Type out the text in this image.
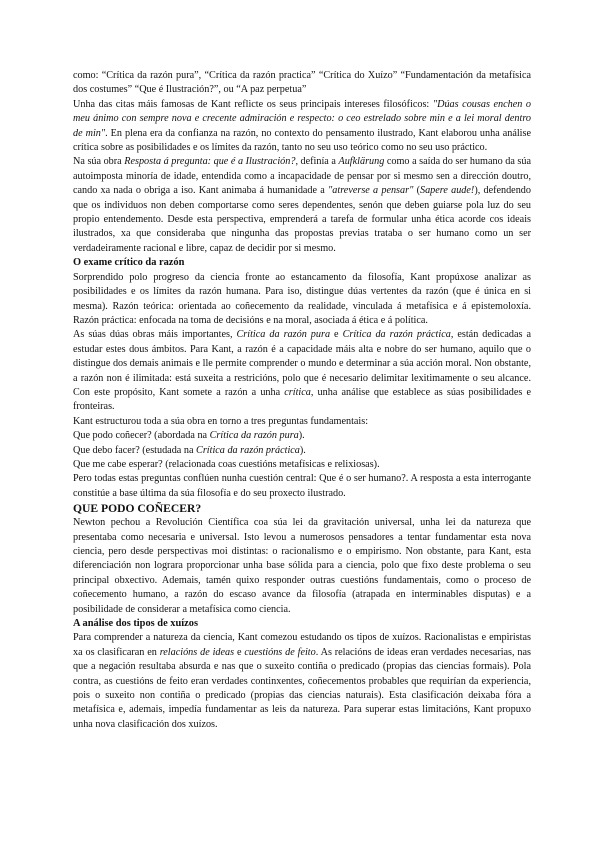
como: “Crítica da razón pura”, “Crítica da razón practica” “Crítica do Xuízo” “Fundamentación da metafísica dos costumes” “Que é Ilustración?”, ou “A paz perpetua”

Unha das citas máis famosas de Kant reflicte os seus principais intereses filosóficos: "Dúas cousas enchen o meu ánimo con sempre nova e crecente admiración e respecto: o ceo estrelado sobre min e a lei moral dentro de min". En plena era da confianza na razón, no contexto do pensamento ilustrado, Kant elaborou unha análise crítica sobre as posibilidades e os límites da razón, tanto no seu uso teórico como no seu uso práctico.

Na súa obra Resposta á pregunta: que é a Ilustración?, definía a Aufklärung como a saída do ser humano da súa autoimposta minoría de idade, entendida como a incapacidade de pensar por si mesmo sen a dirección doutro, cando xa nada o obriga a iso. Kant animaba á humanidade a "atreverse a pensar" (Sapere aude!), defendendo que os individuos non deben comportarse como seres dependentes, senón que deben guiarse pola luz do seu propio entendemento. Desde esta perspectiva, emprenderá a tarefa de formular unha ética acorde cos ideais ilustrados, xa que consideraba que ningunha das propostas previas trataba o ser humano como un ser verdadeiramente racional e libre, capaz de decidir por si mesmo.

O exame crítico da razón

Sorprendido polo progreso da ciencia fronte ao estancamento da filosofía, Kant propúxose analizar as posibilidades e os límites da razón humana. Para iso, distingue dúas vertentes da razón (que é única en si mesma). Razón teórica: orientada ao coñecemento da realidade, vinculada á metafísica e á epistemoloxía. Razón práctica: enfocada na toma de decisións e na moral, asociada á ética e á política.

As súas dúas obras máis importantes, Crítica da razón pura e Crítica da razón práctica, están dedicadas a estudar estes dous ámbitos. Para Kant, a razón é a capacidade máis alta e nobre do ser humano, aquilo que o distingue dos demais animais e lle permite comprender o mundo e determinar a súa acción moral. Non obstante, a razón non é ilimitada: está suxeita a restricións, polo que é necesario delimitar lexitimamente o seu alcance. Con este propósito, Kant somete a razón a unha crítica, unha análise que establece as súas posibilidades e fronteiras.

Kant estructurou toda a súa obra en torno a tres preguntas fundamentais:

Que podo coñecer? (abordada na Crítica da razón pura).

Que debo facer? (estudada na Crítica da razón práctica).

Que me cabe esperar? (relacionada coas cuestións metafísicas e relixiosas).

Pero todas estas preguntas conflúen nunha cuestión central: Que é o ser humano?. A resposta a esta interrogante constitúe a base última da súa filosofía e do seu proxecto ilustrado.

QUE PODO COÑECER?

Newton pechou a Revolución Científica coa súa lei da gravitación universal, unha lei da natureza que presentaba como necesaria e universal. Isto levou a numerosos pensadores a tentar fundamentar esta nova ciencia, pero desde perspectivas moi distintas: o racionalismo e o empirismo. Non obstante, para Kant, esta diferenciación non lograra proporcionar unha base sólida para a ciencia, polo que fixo deste problema o seu principal obxectivo. Ademais, tamén quixo responder outras cuestións fundamentais, como o proceso de coñecemento humano, a razón do escaso avance da filosofía (atrapada en interminables disputas) e a posibilidade de considerar a metafísica como ciencia.

A análise dos tipos de xuízos

Para comprender a natureza da ciencia, Kant comezou estudando os tipos de xuízos. Racionalistas e empiristas xa os clasificaran en relacións de ideas e cuestións de feito. As relacións de ideas eran verdades necesarias, nas que a negación resultaba absurda e nas que o suxeito contiña o predicado (propias das ciencias formais). Pola contra, as cuestións de feito eran verdades continxentes, coñecementos probables que requirían da experiencia, pois o suxeito non contiña o predicado (propias das ciencias naturais). Esta clasificación deixaba fóra a metafísica e, ademais, impedía fundamentar as leis da natureza. Para superar estas limitacións, Kant propuxo unha nova clasificación dos xuízos.
